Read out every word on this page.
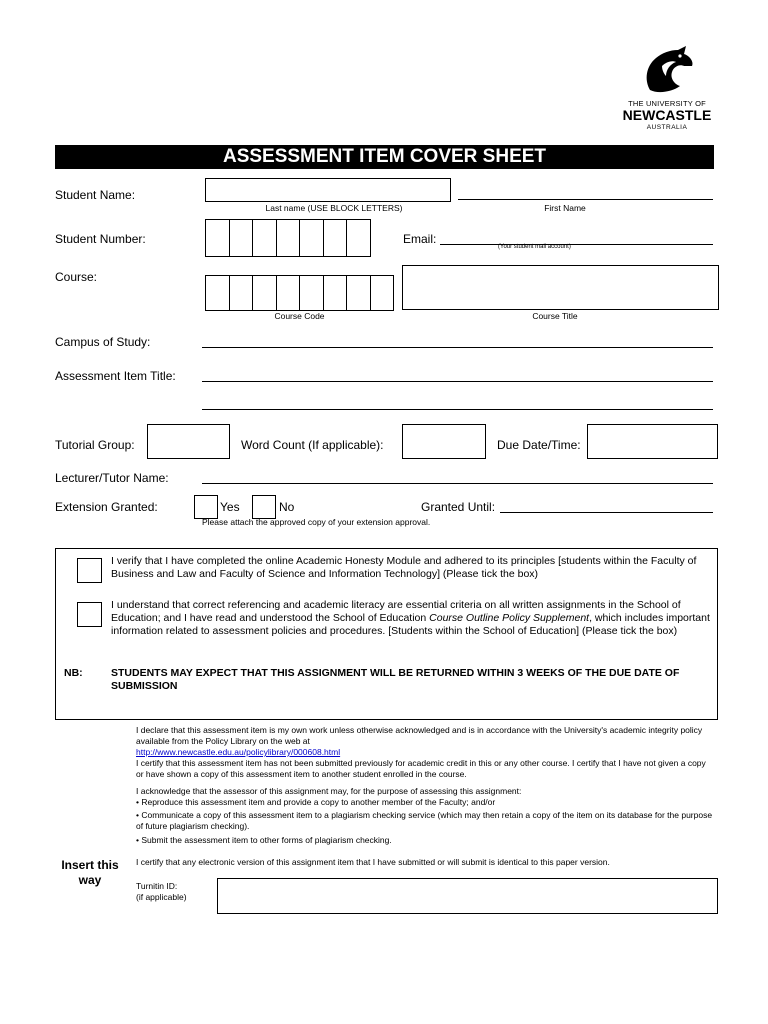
THE UNIVERSITY OF
NEWCASTLE
AUSTRALIA
ASSESSMENT ITEM COVER SHEET
Student Name:
Last name (USE BLOCK LETTERS)	First Name
Student Number:	Email:
(Your student mail account)
Course:
Course Code	Course Title
Campus of Study:
Assessment Item Title:
Tutorial Group:	Word Count (If applicable):	Due Date/Time:
Lecturer/Tutor Name:
Extension Granted:	Yes	No	Granted Until:
Please attach the approved copy of your extension approval.
I verify that I have completed the online Academic Honesty Module and adhered to its principles [students within the Faculty of Business and Law and Faculty of Science and Information Technology] (Please tick the box)
I understand that correct referencing and academic literacy are essential criteria on all written assignments in the School of Education; and I have read and understood the School of Education Course Outline Policy Supplement, which includes important information related to assessment policies and procedures. [Students within the School of Education] (Please tick the box)
NB:	STUDENTS MAY EXPECT THAT THIS ASSIGNMENT WILL BE RETURNED WITHIN 3 WEEKS OF THE DUE DATE OF SUBMISSION
I declare that this assessment item is my own work unless otherwise acknowledged and is in accordance with the University's academic integrity policy available from the Policy Library on the web at
http://www.newcastle.edu.au/policylibrary/000608.html
I certify that this assessment item has not been submitted previously for academic credit in this or any other course. I certify that I have not given a copy or have shown a copy of this assessment item to another student enrolled in the course.
I acknowledge that the assessor of this assignment may, for the purpose of assessing this assignment:
• Reproduce this assessment item and provide a copy to another member of the Faculty; and/or
• Communicate a copy of this assessment item to a plagiarism checking service (which may then retain a copy of the item on its database for the purpose of future plagiarism checking).
• Submit the assessment item to other forms of plagiarism checking.
I certify that any electronic version of this assignment item that I have submitted or will submit is identical to this paper version.
Insert this way	Turnitin ID:
(if applicable)
